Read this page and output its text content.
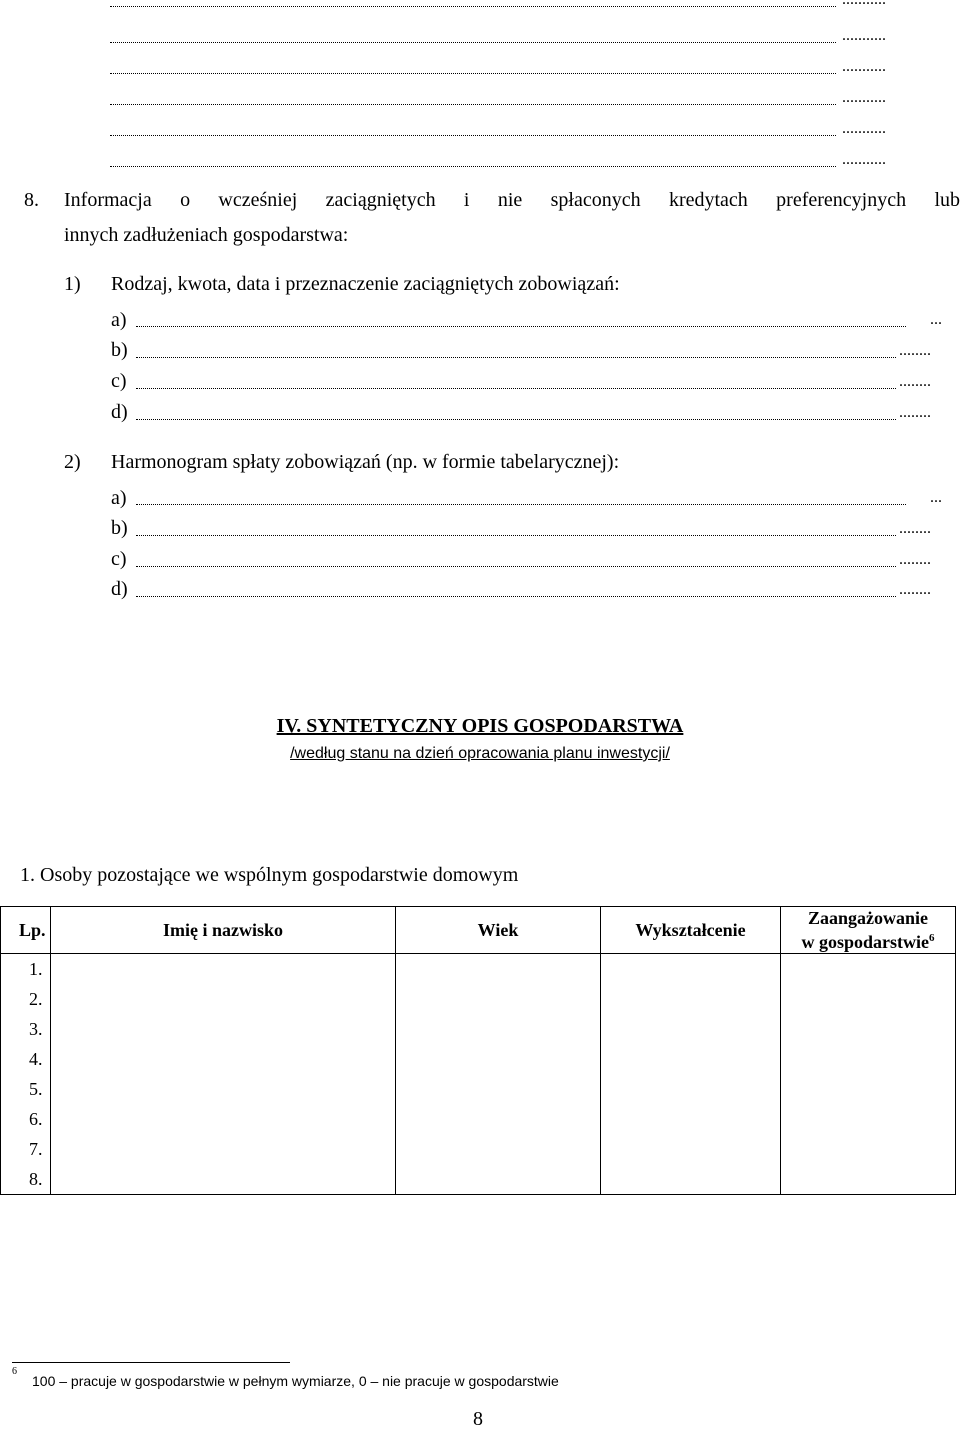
...........
...........
...........
...........
...........
8. Informacja o wcześniej zaciągniętych i nie spłaconych kredytach preferencyjnych lub
innych zadłużeniach gospodarstwa:
1) Rodzaj, kwota, data i przeznaczenie zaciągniętych zobowiązań:
a)	...
b)	........
c)	........
d)	........
2) Harmonogram spłaty zobowiązań (np. w formie tabelarycznej):
a)	...
b)	........
c)	........
d)	........
IV. SYNTETYCZNY OPIS GOSPODARSTWA
/według stanu na dzień opracowania planu inwestycji/
1. Osoby pozostające we wspólnym gospodarstwie domowym
Lp.	Imię i nazwisko	Wiek	Wykształcenie	Zaangażowanie
w gospodarstwie$^6$

1.				
2.				
3.				
4.				
5.				
6.				
7.				
8.				
6
100 – pracuje w gospodarstwie w pełnym wymiarze, 0 – nie pracuje w gospodarstwie
8
